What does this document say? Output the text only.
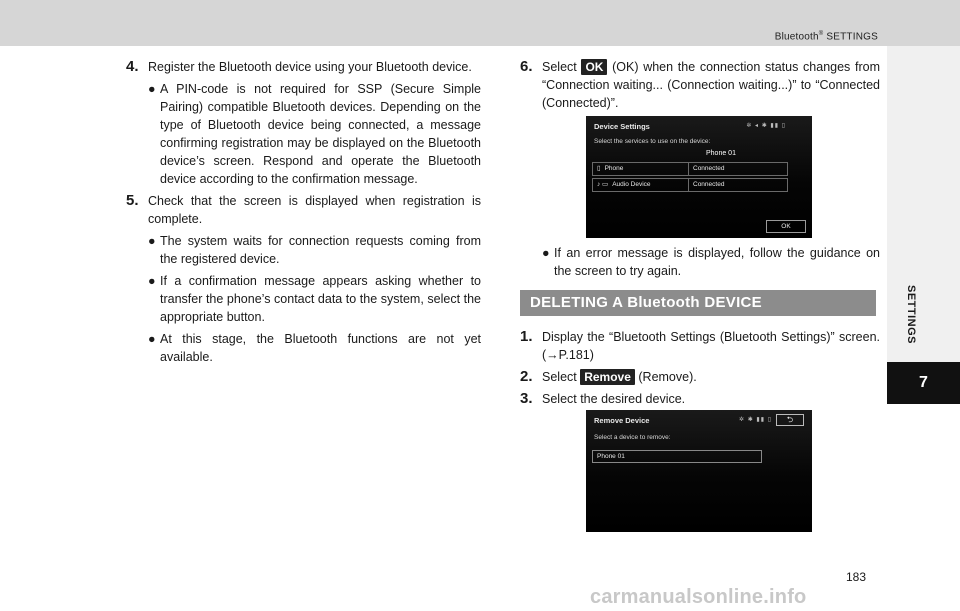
Bluetooth® SETTINGS
SETTINGS
7
4. Register the Bluetooth device using your Bluetooth device.
● A PIN-code is not required for SSP (Secure Simple Pairing) compatible Bluetooth devices. Depending on the type of Bluetooth device being connected, a message confirming registration may be displayed on the Bluetooth device’s screen. Respond and operate the Bluetooth device according to the confirmation message.
5. Check that the screen is displayed when registration is complete.
● The system waits for connection requests coming from the registered device.
● If a confirmation message appears asking whether to transfer the phone’s contact data to the system, select the appropriate button.
● At this stage, the Bluetooth functions are not yet available.
6. Select OK (OK) when the connection status changes from “Connection waiting... (Connection waiting...)” to “Connected (Connected)”.
Device Settings	✲ ◂ ✱ ▮▮ ▯
Select the services to use on the device:
Phone 01
▯ Phone	Connected
♪ ▭ Audio Device	Connected
OK
● If an error message is displayed, follow the guidance on the screen to try again.
DELETING A Bluetooth DEVICE
1. Display the “Bluetooth Settings (Bluetooth Settings)” screen. (→P.181)
2. Select Remove (Remove).
3. Select the desired device.
Remove Device	✲ ✱ ▮▮ ▯	⮌
Select a device to remove:
Phone 01
183
carmanualsonline.info
